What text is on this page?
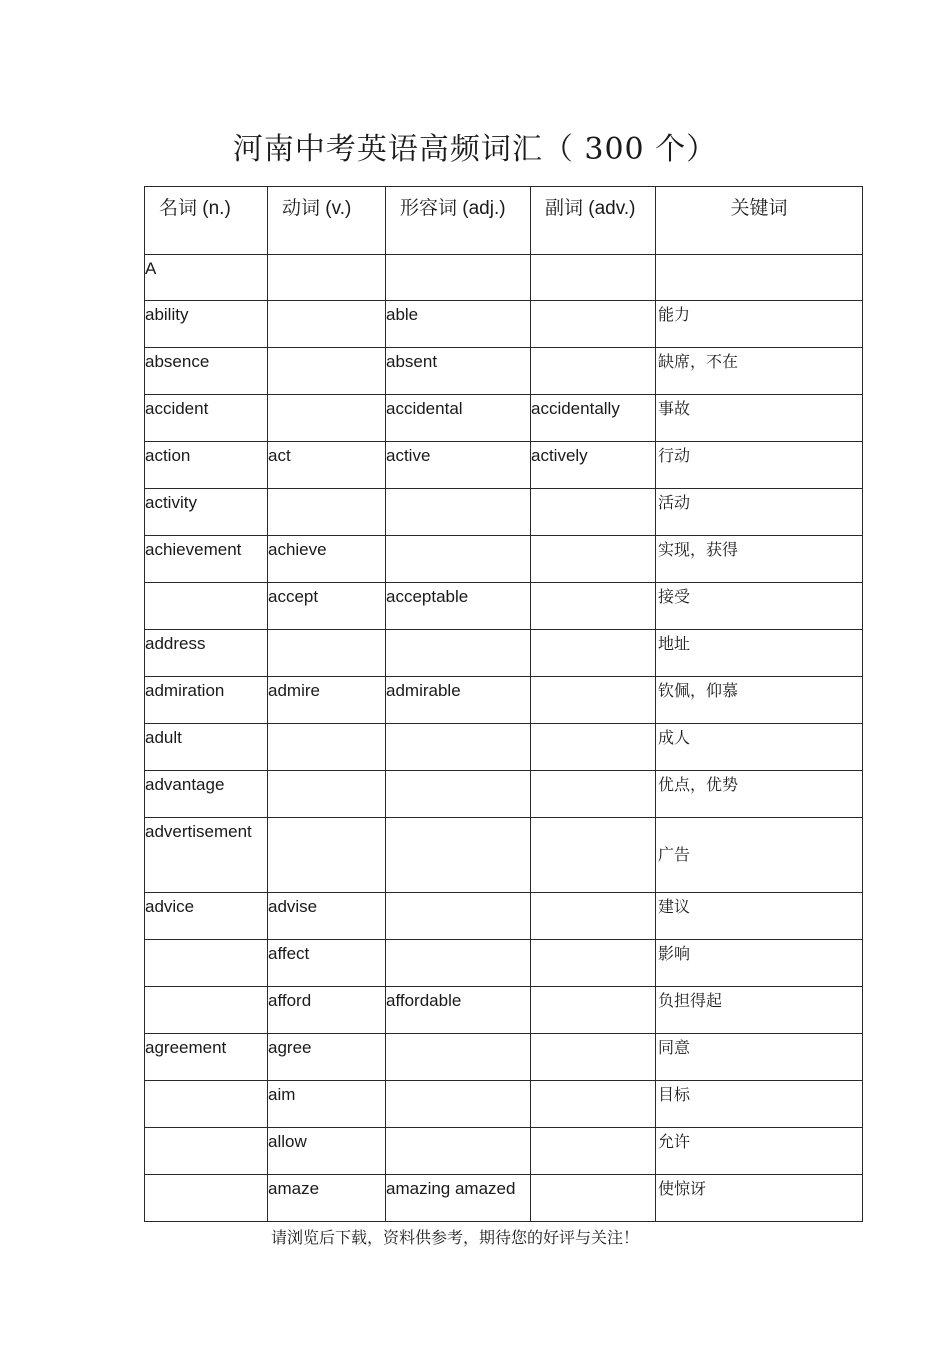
河南中考英语高频词汇（ 300 个）
名词 (n.)	动词 (v.)	形容词 (adj.)	副词 (adv.)	关键词
A				
ability		able		能力
absence		absent		缺席，不在
accident		accidental	accidentally	事故
action	act	active	actively	行动
activity				活动
achievement	achieve			实现，获得
	accept	acceptable		接受
address				地址
admiration	admire	admirable		钦佩，仰慕
adult				成人
advantage				优点，优势
advertisement				广告
advice	advise			建议
	affect			影响
	afford	affordable		负担得起
agreement	agree			同意
	aim			目标
	allow			允许
	amaze	amazing amazed		使惊讶
请浏览后下载，资料供参考，期待您的好评与关注！
